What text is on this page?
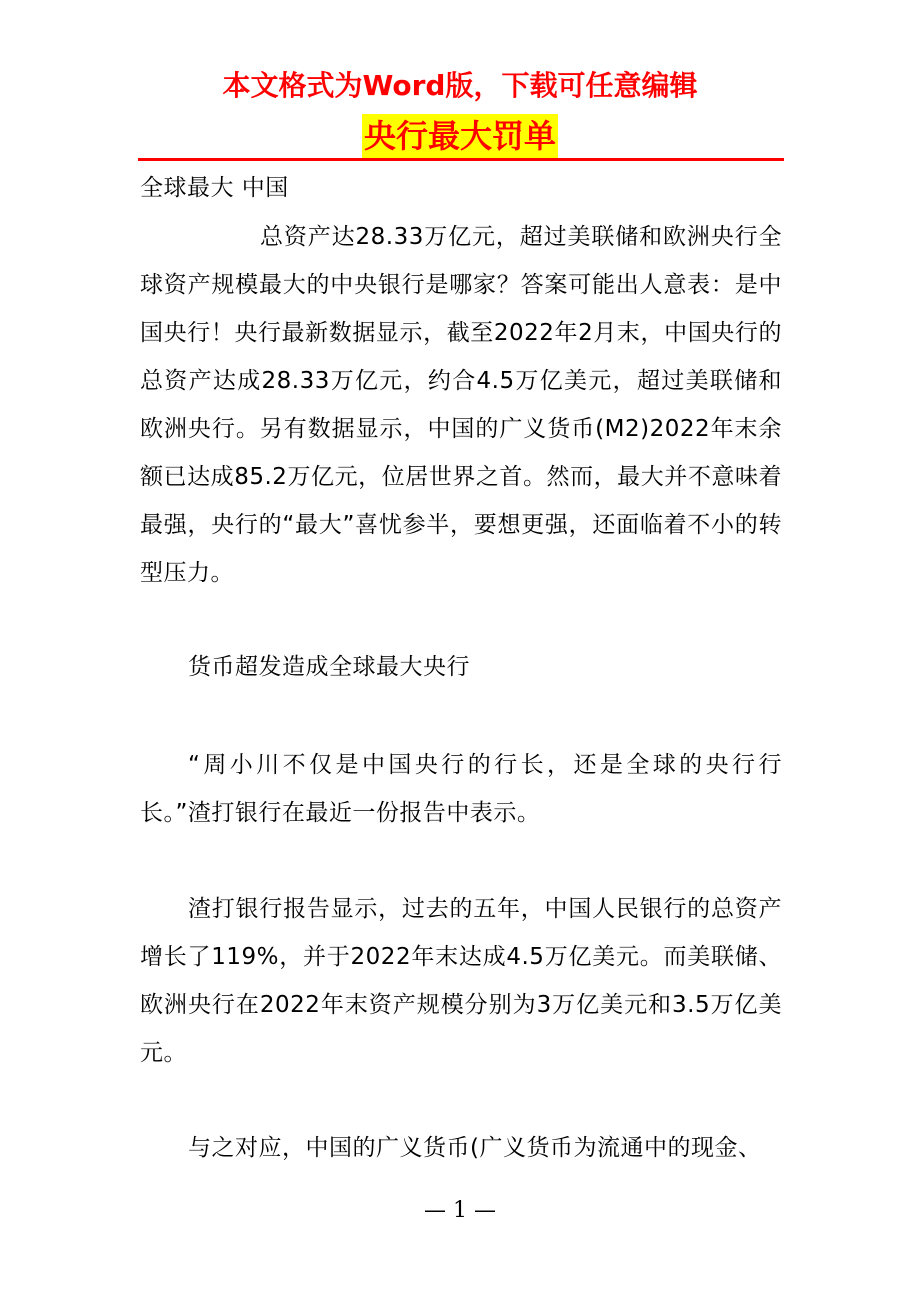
本文格式为Word版，下载可任意编辑
央行最大罚单
全球最大 中国
总资产达28.33万亿元，超过美联储和欧洲央行全球资产规模最大的中央银行是哪家？答案可能出人意表：是中国央行！央行最新数据显示，截至2022年2月末，中国央行的总资产达成28.33万亿元，约合4.5万亿美元，超过美联储和欧洲央行。另有数据显示，中国的广义货币(M2)2022年末余额已达成85.2万亿元，位居世界之首。然而，最大并不意味着最强，央行的“最大”喜忧参半，要想更强，还面临着不小的转型压力。
货币超发造成全球最大央行
“周小川不仅是中国央行的行长，还是全球的央行行长。”渣打银行在最近一份报告中表示。
渣打银行报告显示，过去的五年，中国人民银行的总资产增长了119%，并于2022年末达成4.5万亿美元。而美联储、欧洲央行在2022年末资产规模分别为3万亿美元和3.5万亿美元。
与之对应，中国的广义货币(广义货币为流通中的现金、
— 1 —
